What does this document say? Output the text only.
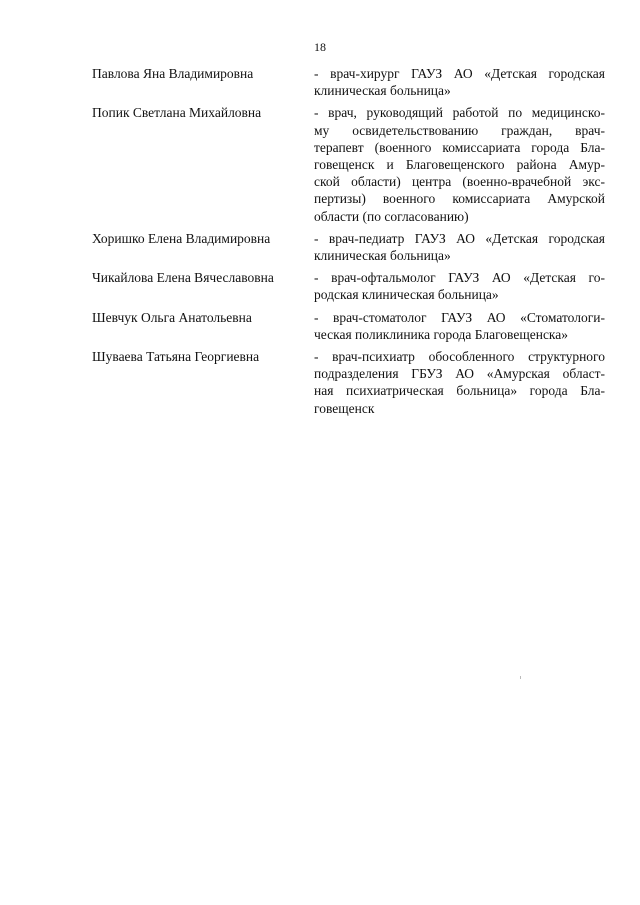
18
Павлова Яна Владимировна	- врач-хирург ГАУЗ АО «Детская городская
клиническая больница»
Попик Светлана Михайловна	- врач, руководящий работой по медицинско-
му освидетельствованию граждан, врач-
терапевт (военного комиссариата города Бла-
говещенск и Благовещенского района Амур-
ской области) центра (военно-врачебной экс-
пертизы) военного комиссариата Амурской
области (по согласованию)
Хоришко Елена Владимировна	- врач-педиатр ГАУЗ АО «Детская городская
клиническая больница»
Чикайлова Елена Вячеславовна	- врач-офтальмолог ГАУЗ АО «Детская го-
родская клиническая больница»
Шевчук Ольга Анатольевна	- врач-стоматолог ГАУЗ АО «Стоматологи-
ческая поликлиника города Благовещенска»
Шуваева Татьяна Георгиевна	- врач-психиатр обособленного структурного
подразделения ГБУЗ АО «Амурская област-
ная психиатрическая больница» города Бла-
говещенск
